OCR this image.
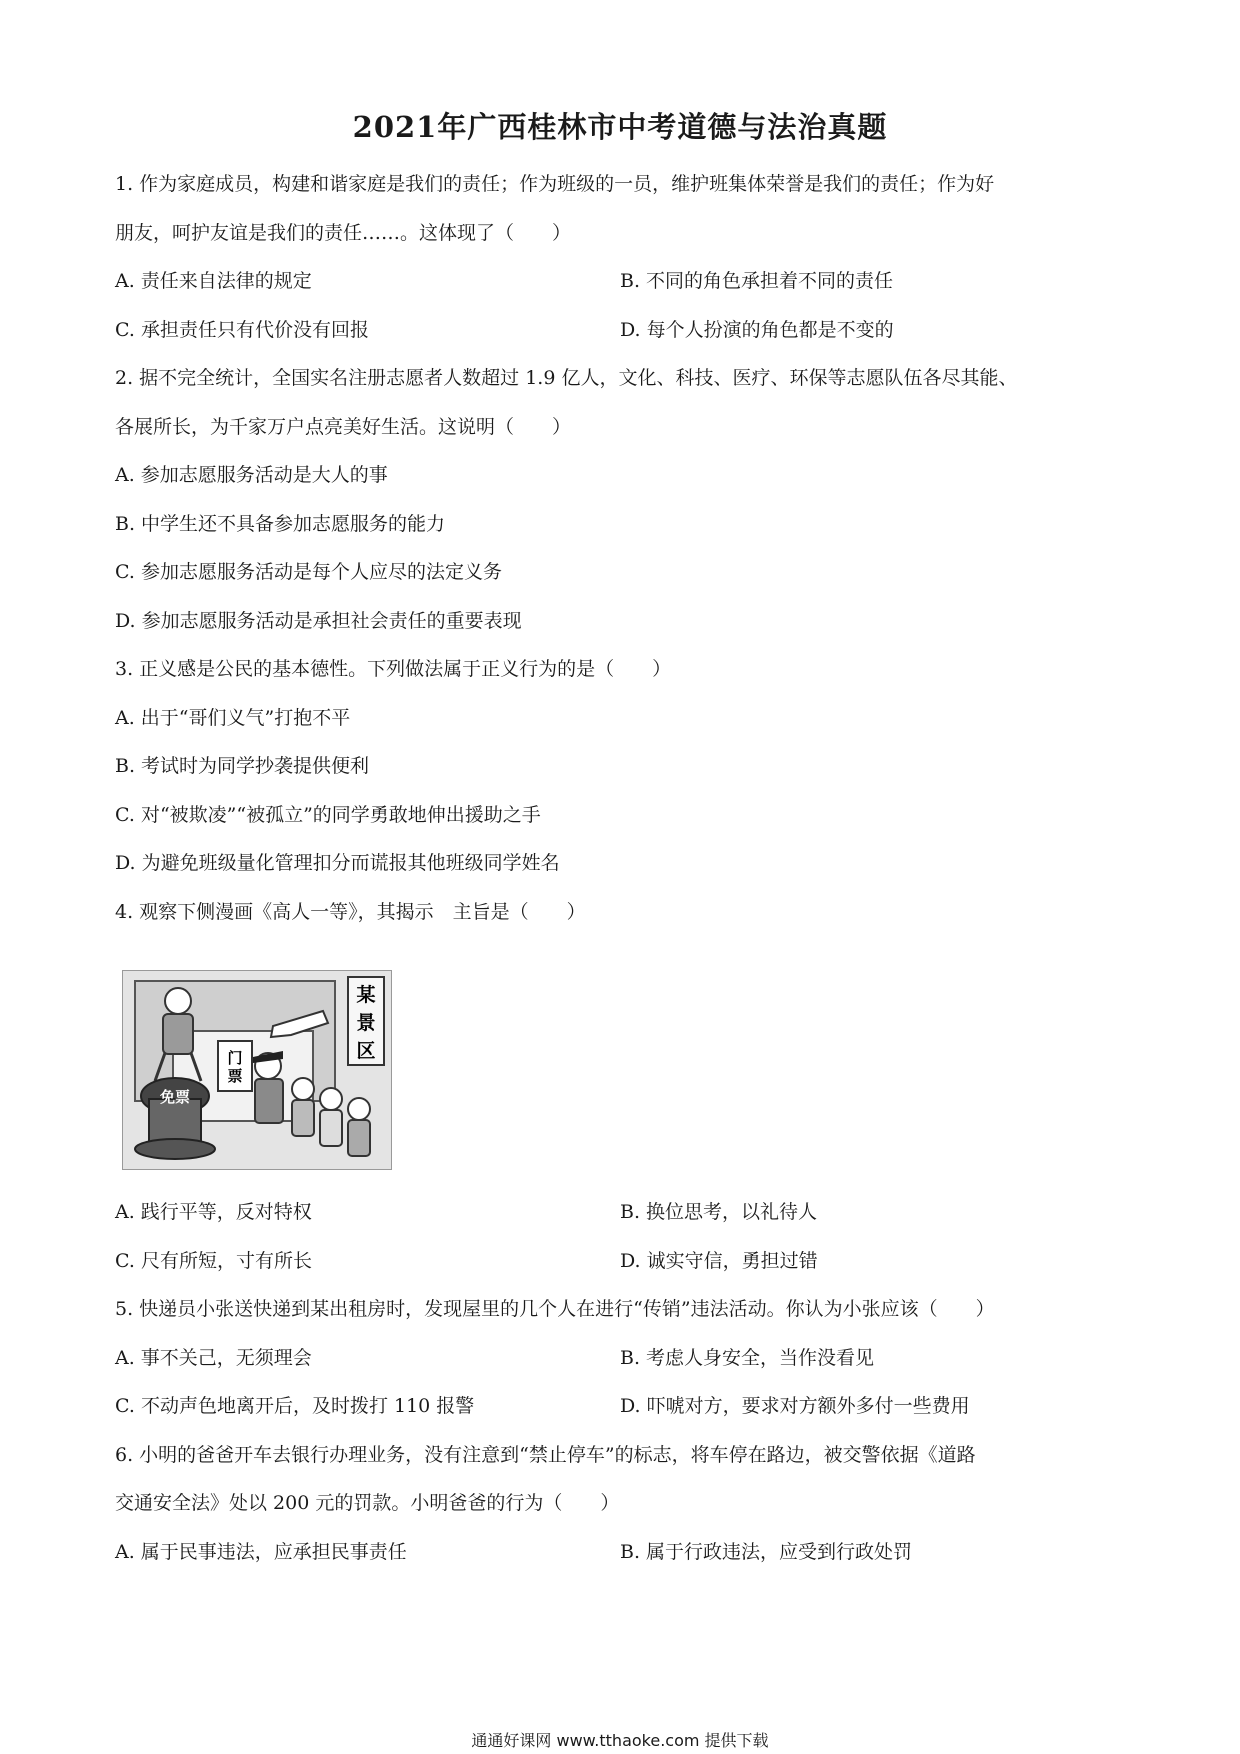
2021年广西桂林市中考道德与法治真题
1. 作为家庭成员，构建和谐家庭是我们的责任；作为班级的一员，维护班集体荣誉是我们的责任；作为好
朋友，呵护友谊是我们的责任……。这体现了（　　）
A. 责任来自法律的规定	B. 不同的角色承担着不同的责任
C. 承担责任只有代价没有回报	D. 每个人扮演的角色都是不变的
2. 据不完全统计，全国实名注册志愿者人数超过 1.9 亿人，文化、科技、医疗、环保等志愿队伍各尽其能、
各展所长，为千家万户点亮美好生活。这说明（　　）
A. 参加志愿服务活动是大人的事
B. 中学生还不具备参加志愿服务的能力
C. 参加志愿服务活动是每个人应尽的法定义务
D. 参加志愿服务活动是承担社会责任的重要表现
3. 正义感是公民的基本德性。下列做法属于正义行为的是（　　）
A. 出于“哥们义气”打抱不平
B. 考试时为同学抄袭提供便利
C. 对“被欺凌”“被孤立”的同学勇敢地伸出援助之手
D. 为避免班级量化管理扣分而谎报其他班级同学姓名
4. 观察下侧漫画《高人一等》，其揭示　主旨是（　　）
某
景
区
免票
门票
A. 践行平等，反对特权	B. 换位思考，以礼待人
C. 尺有所短，寸有所长	D. 诚实守信，勇担过错
5. 快递员小张送快递到某出租房时，发现屋里的几个人在进行“传销”违法活动。你认为小张应该（　　）
A. 事不关己，无须理会	B. 考虑人身安全，当作没看见
C. 不动声色地离开后，及时拨打 110 报警	D. 吓唬对方，要求对方额外多付一些费用
6. 小明的爸爸开车去银行办理业务，没有注意到“禁止停车”的标志，将车停在路边，被交警依据《道路
交通安全法》处以 200 元的罚款。小明爸爸的行为（　　）
A. 属于民事违法，应承担民事责任	B. 属于行政违法，应受到行政处罚
通通好课网 www.tthaoke.com 提供下载
